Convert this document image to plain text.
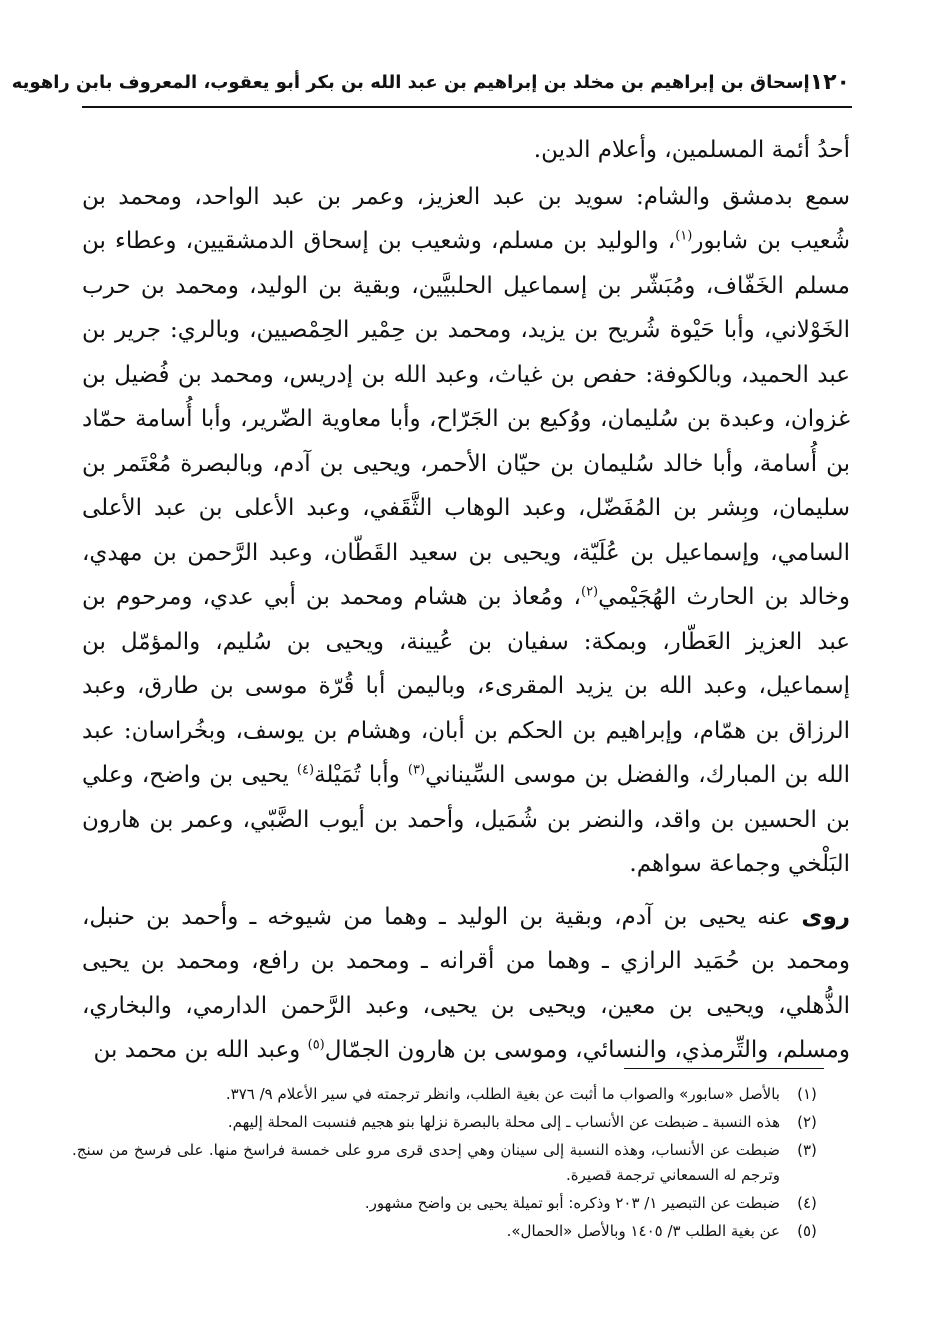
١٢٠
إسحاق بن إبراهيم بن مخلد بن إبراهيم بن عبد الله بن بكر أبو يعقوب، المعروف بابن راهويه

أحدُ أئمة المسلمين، وأعلام الدين.

سمع بدمشق والشام: سويد بن عبد العزيز، وعمر بن عبد الواحد، ومحمد بن شُعيب بن شابور$^{(١)}$، والوليد بن مسلم، وشعيب بن إسحاق الدمشقيين، وعطاء بن مسلم الخَفّاف، ومُبَشّر بن إسماعيل الحلبيَّين، وبقية بن الوليد، ومحمد بن حرب الخَوْلاني، وأبا حَيْوة شُريح بن يزيد، ومحمد بن حِمْير الحِمْصيين، وبالري: جرير بن عبد الحميد، وبالكوفة: حفص بن غياث، وعبد الله بن إدريس، ومحمد بن فُضيل بن غزوان، وعبدة بن سُليمان، ووُكيع بن الجَرّاح، وأبا معاوية الضّرير، وأبا أُسامة حمّاد بن أُسامة، وأبا خالد سُليمان بن حيّان الأحمر، ويحيى بن آدم، وبالبصرة مُعْتَمر بن سليمان، وبِشر بن المُفَضّل، وعبد الوهاب الثَّقَفي، وعبد الأعلى بن عبد الأعلى السامي، وإسماعيل بن عُلَيّة، ويحيى بن سعيد القَطّان، وعبد الرَّحمن بن مهدي، وخالد بن الحارث الهُجَيْمي$^{(٢)}$، ومُعاذ بن هشام ومحمد بن أبي عدي، ومرحوم بن عبد العزيز العَطّار، وبمكة: سفيان بن عُيينة، ويحيى بن سُليم، والمؤمّل بن إسماعيل، وعبد الله بن يزيد المقرىء، وباليمن أبا قُرّة موسى بن طارق، وعبد الرزاق بن همّام، وإبراهيم بن الحكم بن أبان، وهشام بن يوسف، وبخُراسان: عبد الله بن المبارك، والفضل بن موسى السِّيناني$^{(٣)}$ وأبا تُمَيْلة$^{(٤)}$ يحيى بن واضح، وعلي بن الحسين بن واقد، والنضر بن شُمَيل، وأحمد بن أيوب الضَّبّي، وعمر بن هارون البَلْخي وجماعة سواهم.

روى عنه يحيى بن آدم، وبقية بن الوليد ـ وهما من شيوخه ـ وأحمد بن حنبل، ومحمد بن حُمَيد الرازي ـ وهما من أقرانه ـ ومحمد بن رافع، ومحمد بن يحيى الذُّهلي، ويحيى بن معين، ويحيى بن يحيى، وعبد الرَّحمن الدارمي، والبخاري، ومسلم، والتِّرمذي، والنسائي، وموسى بن هارون الجمّال$^{(٥)}$ وعبد الله بن محمد بن

(١)
بالأصل «سابور» والصواب ما أثبت عن بغية الطلب، وانظر ترجمته في سير الأعلام ٩/ ٣٧٦.
(٢)
هذه النسبة ـ ضبطت عن الأنساب ـ إلى محلة بالبصرة نزلها بنو هجيم فنسبت المحلة إليهم.
(٣)
ضبطت عن الأنساب، وهذه النسبة إلى سينان وهي إحدى قرى مرو على خمسة فراسخ منها. على فرسخ من سنج. وترجم له السمعاني ترجمة قصيرة.
(٤)
ضبطت عن التبصير ١/ ٢٠٣ وذكره: أبو تميلة يحيى بن واضح مشهور.
(٥)
عن بغية الطلب ٣/ ١٤٠٥ وبالأصل «الحمال».
